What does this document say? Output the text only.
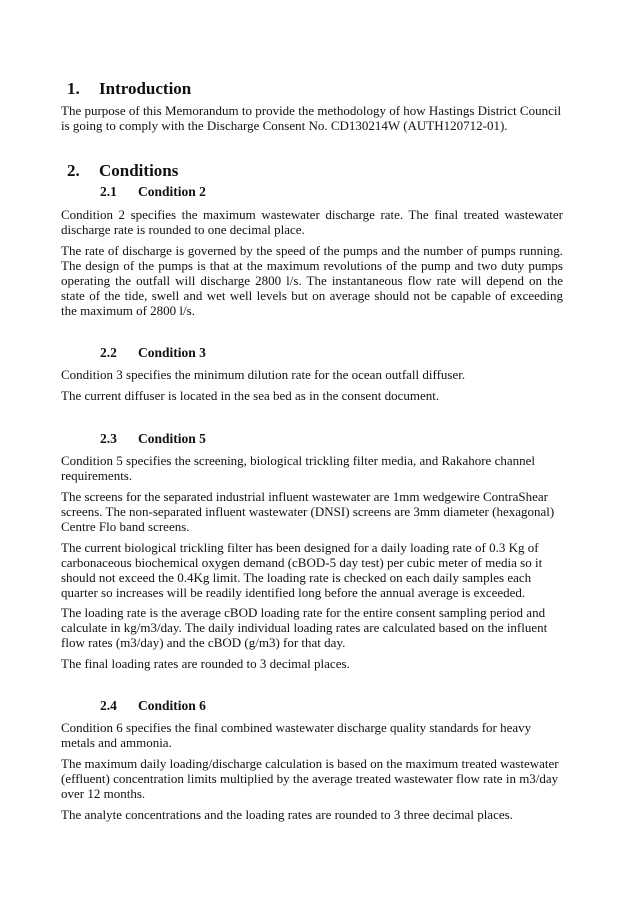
1. Introduction

The purpose of this Memorandum to provide the methodology of how Hastings District Council is going to comply with the Discharge Consent No. CD130214W (AUTH120712-01).

2. Conditions
2.1 Condition 2

Condition 2 specifies the maximum wastewater discharge rate. The final treated wastewater discharge rate is rounded to one decimal place.

The rate of discharge is governed by the speed of the pumps and the number of pumps running. The design of the pumps is that at the maximum revolutions of the pump and two duty pumps operating the outfall will discharge 2800 l/s. The instantaneous flow rate will depend on the state of the tide, swell and wet well levels but on average should not be capable of exceeding the maximum of 2800 l/s.

2.2 Condition 3

Condition 3 specifies the minimum dilution rate for the ocean outfall diffuser.

The current diffuser is located in the sea bed as in the consent document.

2.3 Condition 5

Condition 5 specifies the screening, biological trickling filter media, and Rakahore channel requirements.

The screens for the separated industrial influent wastewater are 1mm wedgewire ContraShear screens. The non-separated influent wastewater (DNSI) screens are 3mm diameter (hexagonal) Centre Flo band screens.

The current biological trickling filter has been designed for a daily loading rate of 0.3 Kg of carbonaceous biochemical oxygen demand (cBOD-5 day test) per cubic meter of media so it should not exceed the 0.4Kg limit. The loading rate is checked on each daily samples each quarter so increases will be readily identified long before the annual average is exceeded.

The loading rate is the average cBOD loading rate for the entire consent sampling period and calculate in kg/m3/day. The daily individual loading rates are calculated based on the influent flow rates (m3/day) and the cBOD (g/m3) for that day.

The final loading rates are rounded to 3 decimal places.

2.4 Condition 6

Condition 6 specifies the final combined wastewater discharge quality standards for heavy metals and ammonia.

The maximum daily loading/discharge calculation is based on the maximum treated wastewater (effluent) concentration limits multiplied by the average treated wastewater flow rate in m3/day over 12 months.

The analyte concentrations and the loading rates are rounded to 3 three decimal places.
